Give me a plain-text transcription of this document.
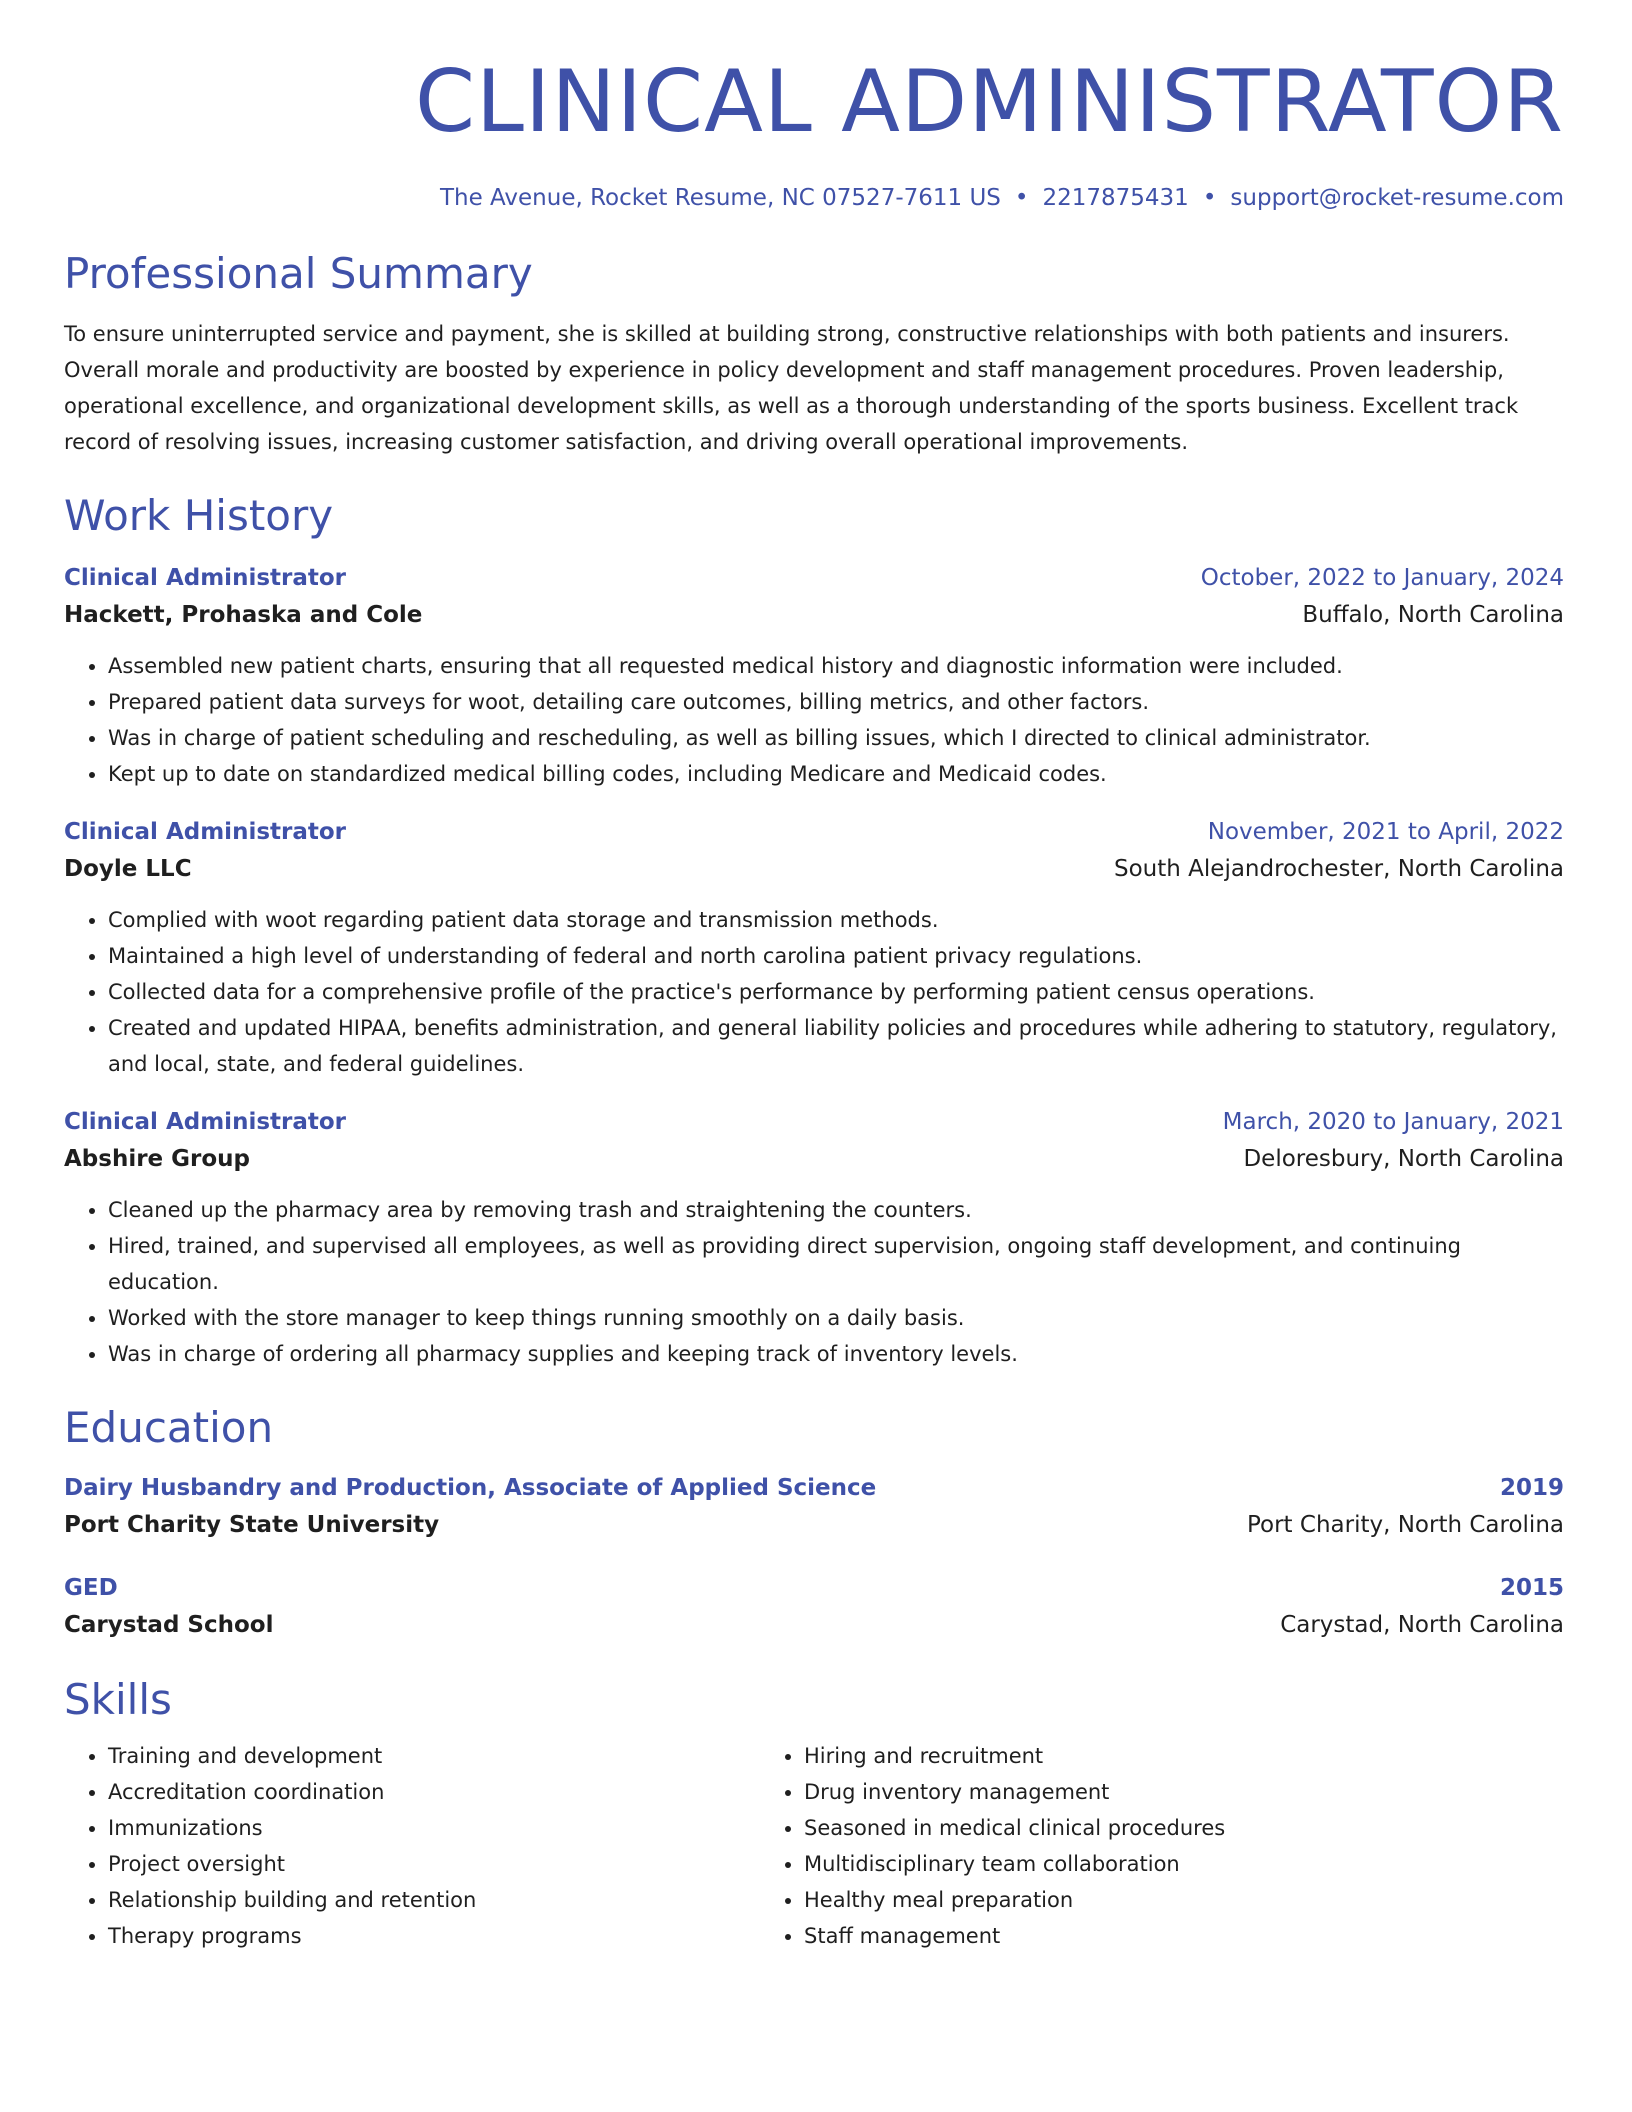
CLINICAL ADMINISTRATOR
The Avenue, Rocket Resume, NC 07527-7611 US • 2217875431 • support@rocket-resume.com
Professional Summary
To ensure uninterrupted service and payment, she is skilled at building strong, constructive relationships with both patients and insurers. Overall morale and productivity are boosted by experience in policy development and staff management procedures. Proven leadership, operational excellence, and organizational development skills, as well as a thorough understanding of the sports business. Excellent track record of resolving issues, increasing customer satisfaction, and driving overall operational improvements.
Work History
Clinical Administrator	October, 2022 to January, 2024
Hackett, Prohaska and Cole	Buffalo, North Carolina
• Assembled new patient charts, ensuring that all requested medical history and diagnostic information were included.
• Prepared patient data surveys for woot, detailing care outcomes, billing metrics, and other factors.
• Was in charge of patient scheduling and rescheduling, as well as billing issues, which I directed to clinical administrator.
• Kept up to date on standardized medical billing codes, including Medicare and Medicaid codes.
Clinical Administrator	November, 2021 to April, 2022
Doyle LLC	South Alejandrochester, North Carolina
• Complied with woot regarding patient data storage and transmission methods.
• Maintained a high level of understanding of federal and north carolina patient privacy regulations.
• Collected data for a comprehensive profile of the practice's performance by performing patient census operations.
• Created and updated HIPAA, benefits administration, and general liability policies and procedures while adhering to statutory, regulatory, and local, state, and federal guidelines.
Clinical Administrator	March, 2020 to January, 2021
Abshire Group	Deloresbury, North Carolina
• Cleaned up the pharmacy area by removing trash and straightening the counters.
• Hired, trained, and supervised all employees, as well as providing direct supervision, ongoing staff development, and continuing education.
• Worked with the store manager to keep things running smoothly on a daily basis.
• Was in charge of ordering all pharmacy supplies and keeping track of inventory levels.
Education
Dairy Husbandry and Production, Associate of Applied Science	2019
Port Charity State University	Port Charity, North Carolina
GED	2015
Carystad School	Carystad, North Carolina
Skills
• Training and development
• Accreditation coordination
• Immunizations
• Project oversight
• Relationship building and retention
• Therapy programs
• Hiring and recruitment
• Drug inventory management
• Seasoned in medical clinical procedures
• Multidisciplinary team collaboration
• Healthy meal preparation
• Staff management
